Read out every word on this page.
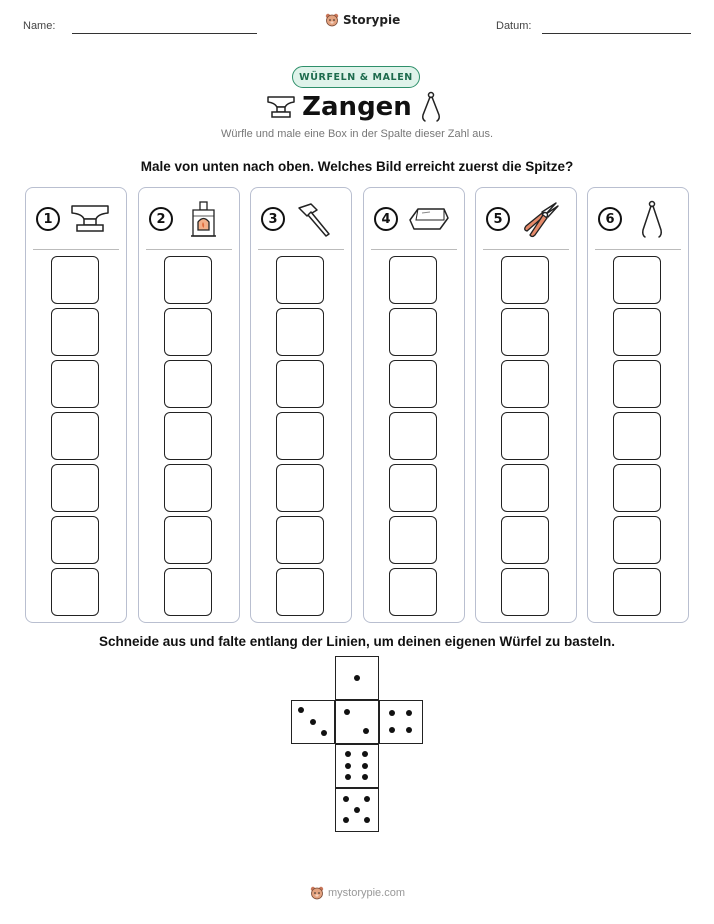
Name:	Storypie	Datum:
WÜRFELN & MALEN
Zangen
Würfle und male eine Box in der Spalte dieser Zahl aus.
Male von unten nach oben. Welches Bild erreicht zuerst die Spitze?
1	2	3	4	5	6
Schneide aus und falte entlang der Linien, um deinen eigenen Würfel zu basteln.
mystorypie.com
